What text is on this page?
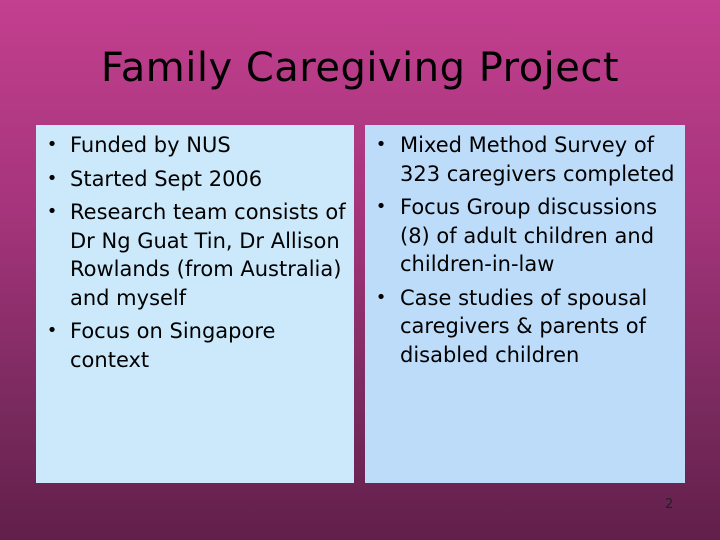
Family Caregiving Project
• Funded by NUS
• Started Sept 2006
• Research team consists of Dr Ng Guat Tin, Dr Allison Rowlands (from Australia) and myself
• Focus on Singapore context
• Mixed Method Survey of 323 caregivers completed
• Focus Group discussions (8) of adult children and children-in-law
• Case studies of spousal caregivers & parents of disabled children
2
